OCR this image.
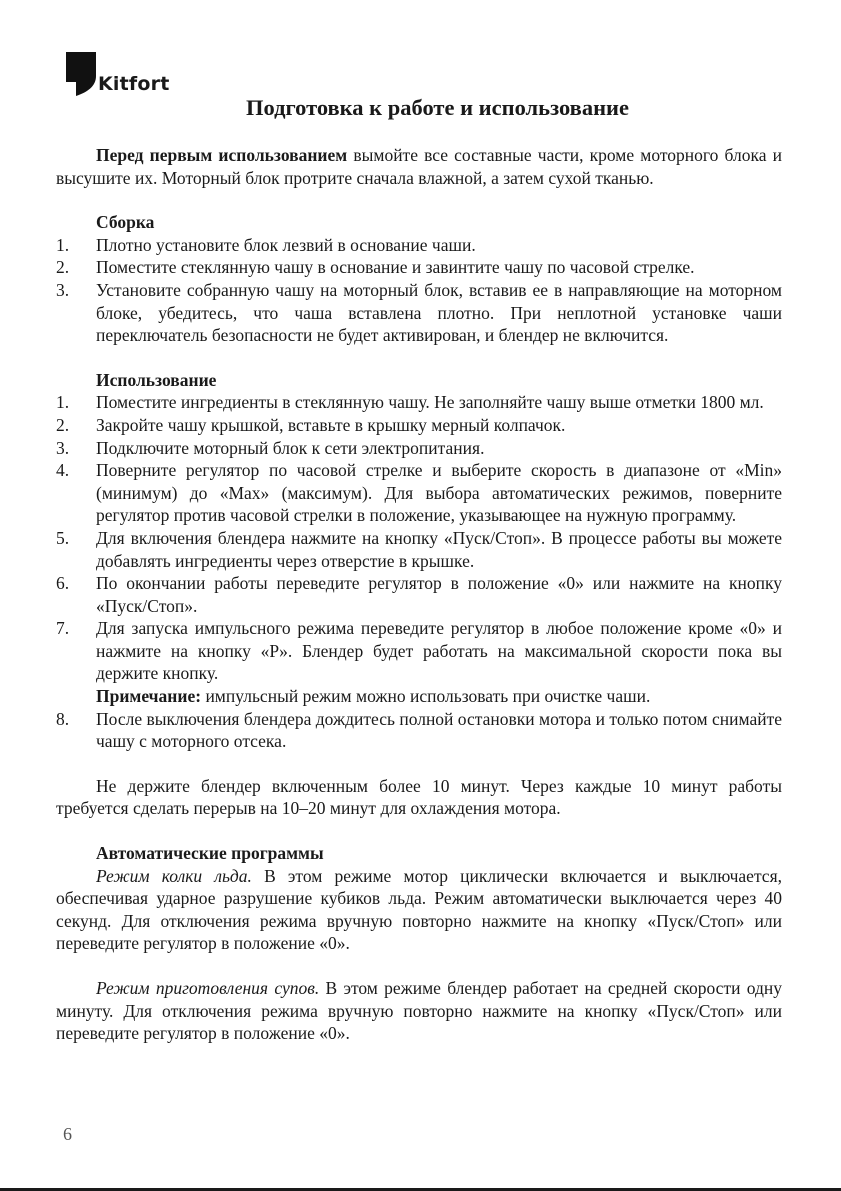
Kitfort
Подготовка к работе и использование

Перед первым использованием вымойте все составные части, кроме моторного блока и высушите их. Моторный блок протрите сначала влажной, а затем сухой тканью.

Сборка
1. Плотно установите блок лезвий в основание чаши.
2. Поместите стеклянную чашу в основание и завинтите чашу по часовой стрелке.
3. Установите собранную чашу на моторный блок, вставив ее в направляющие на моторном блоке, убедитесь, что чаша вставлена плотно. При неплотной установке чаши переключатель безопасности не будет активирован, и блендер не включится.
Использование
1. Поместите ингредиенты в стеклянную чашу. Не заполняйте чашу выше отметки 1800 мл.
2. Закройте чашу крышкой, вставьте в крышку мерный колпачок.
3. Подключите моторный блок к сети электропитания.
4. Поверните регулятор по часовой стрелке и выберите скорость в диапазоне от «Min» (минимум) до «Max» (максимум). Для выбора автоматических режимов, поверните регулятор против часовой стрелки в положение, указывающее на нужную программу.
5. Для включения блендера нажмите на кнопку «Пуск/Стоп». В процессе работы вы можете добавлять ингредиенты через отверстие в крышке.
6. По окончании работы переведите регулятор в положение «0» или нажмите на кнопку «Пуск/Стоп».
7. Для запуска импульсного режима переведите регулятор в любое положение кроме «0» и нажмите на кнопку «P». Блендер будет работать на максимальной скорости пока вы держите кнопку.

Примечание: импульсный режим можно использовать при очистке чаши.

8. После выключения блендера дождитесь полной остановки мотора и только потом снимайте чашу с моторного отсека.

Не держите блендер включенным более 10 минут. Через каждые 10 минут работы требуется сделать перерыв на 10–20 минут для охлаждения мотора.

Автоматические программы

Режим колки льда. В этом режиме мотор циклически включается и выключается, обеспечивая ударное разрушение кубиков льда. Режим автоматически выключается через 40 секунд. Для отключения режима вручную повторно нажмите на кнопку «Пуск/Стоп» или переведите регулятор в положение «0».

Режим приготовления супов. В этом режиме блендер работает на средней скорости одну минуту. Для отключения режима вручную повторно нажмите на кнопку «Пуск/Стоп» или переведите регулятор в положение «0».

6
